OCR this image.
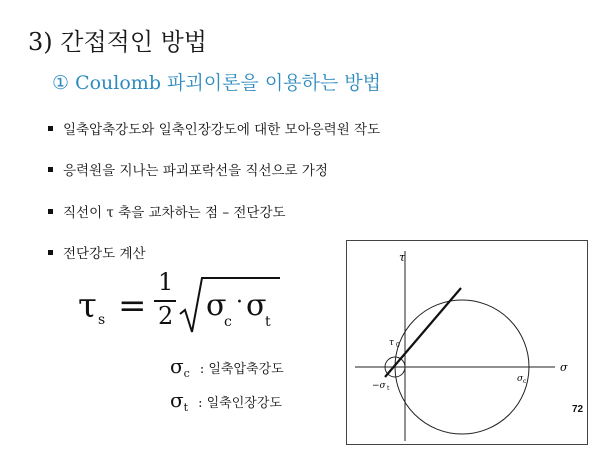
3) 간접적인 방법
① Coulomb 파괴이론을 이용하는 방법
일축압축강도와 일축인장강도에 대한 모아응력원 작도
응력원을 지나는 파괴포락선을 직선으로 가정
직선이 τ 축을 교차하는 점 – 전단강도
전단강도 계산
τ s =
1
2 σ
c
· σ
t
σ c : 일축압축강도
σ t : 일축인장강도
τ
σ
τ 0
−σ t
σ c
72
